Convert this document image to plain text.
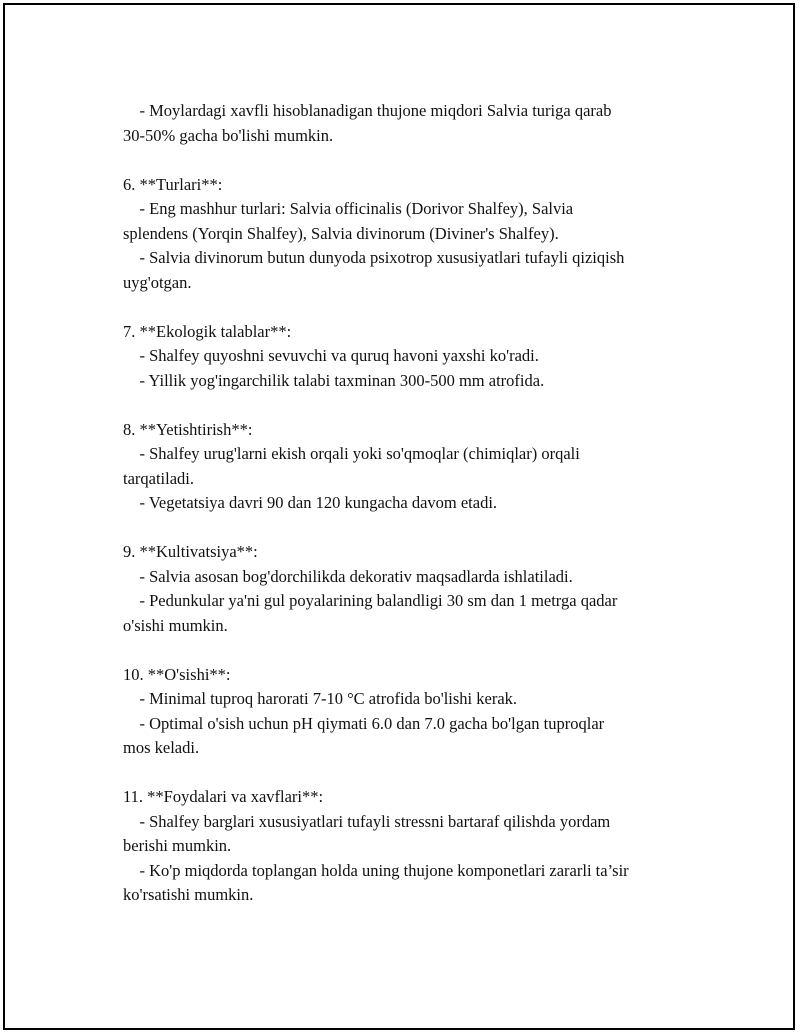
- Moylardagi xavfli hisoblanadigan thujone miqdori Salvia turiga qarab
30-50% gacha bo'lishi mumkin.
6. **Turlari**:
- Eng mashhur turlari: Salvia officinalis (Dorivor Shalfey), Salvia
splendens (Yorqin Shalfey), Salvia divinorum (Diviner's Shalfey).
- Salvia divinorum butun dunyoda psixotrop xususiyatlari tufayli qiziqish
uyg'otgan.
7. **Ekologik talablar**:
- Shalfey quyoshni sevuvchi va quruq havoni yaxshi ko'radi.
- Yillik yog'ingarchilik talabi taxminan 300-500 mm atrofida.
8. **Yetishtirish**:
- Shalfey urug'larni ekish orqali yoki so'qmoqlar (chimiqlar) orqali
tarqatiladi.
- Vegetatsiya davri 90 dan 120 kungacha davom etadi.
9. **Kultivatsiya**:
- Salvia asosan bog'dorchilikda dekorativ maqsadlarda ishlatiladi.
- Pedunkular ya'ni gul poyalarining balandligi 30 sm dan 1 metrga qadar
o'sishi mumkin.
10. **O'sishi**:
- Minimal tuproq harorati 7-10 °C atrofida bo'lishi kerak.
- Optimal o'sish uchun pH qiymati 6.0 dan 7.0 gacha bo'lgan tuproqlar
mos keladi.
11. **Foydalari va xavflari**:
- Shalfey barglari xususiyatlari tufayli stressni bartaraf qilishda yordam
berishi mumkin.
- Ko'p miqdorda toplangan holda uning thujone komponetlari zararli ta’sir
ko'rsatishi mumkin.
